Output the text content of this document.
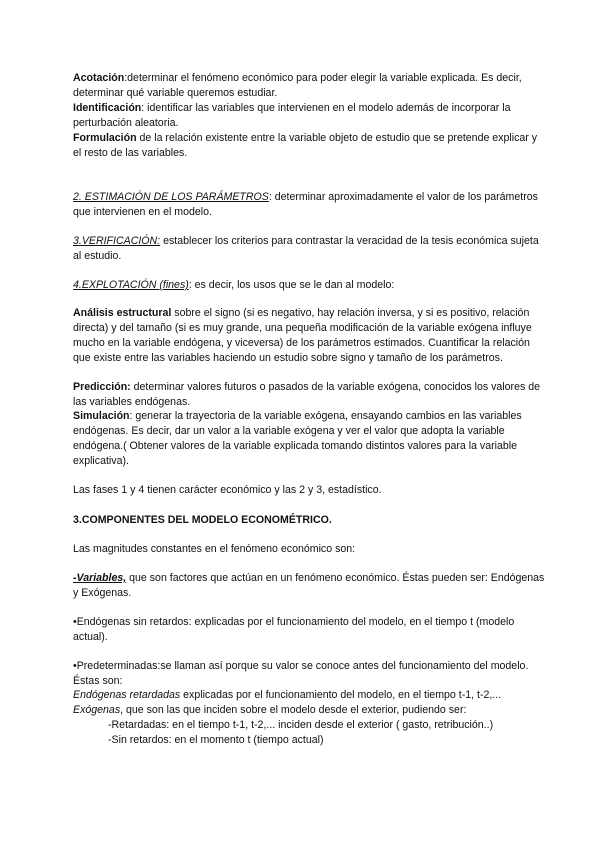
Acotación:determinar el fenómeno económico para poder elegir la variable explicada. Es decir, determinar qué variable queremos estudiar.

Identificación: identificar las variables que intervienen en el modelo además de incorporar la perturbación aleatoria.

Formulación de la relación existente entre la variable objeto de estudio que se pretende explicar y el resto de las variables.

2. ESTIMACIÓN DE LOS PARÁMETROS: determinar aproximadamente el valor de los parámetros que intervienen en el modelo.

3.VERIFICACIÓN: establecer los criterios para contrastar la veracidad de la tesis económica sujeta al estudio.

4.EXPLOTACIÓN (fines): es decir, los usos que se le dan al modelo:

Análisis estructural sobre el signo (si es negativo, hay relación inversa, y si es positivo, relación directa) y del tamaño (si es muy grande, una pequeña modificación de la variable exógena influye mucho en la variable endógena, y viceversa) de los parámetros estimados. Cuantificar la relación que existe entre las variables haciendo un estudio sobre signo y tamaño de los parámetros.

Predicción: determinar valores futuros o pasados de la variable exógena, conocidos los valores de las variables endógenas.

Simulación: generar la trayectoria de la variable exógena, ensayando cambios en las variables endógenas. Es decir, dar un valor a la variable exógena y ver el valor que adopta la variable endógena.( Obtener valores de la variable explicada tomando distintos valores para la variable explicativa).

Las fases 1 y 4 tienen carácter económico y las 2 y 3, estadístico.

3.COMPONENTES DEL MODELO ECONOMÉTRICO.

Las magnitudes constantes en el fenómeno económico son:

-Variables, que son factores que actúan en un fenómeno económico. Éstas pueden ser: Endógenas y Exógenas.

•Endógenas sin retardos: explicadas por el funcionamiento del modelo, en el tiempo t (modelo actual).

•Predeterminadas:se llaman así porque su valor se conoce antes del funcionamiento del modelo. Éstas son:

Endógenas retardadas explicadas por el funcionamiento del modelo, en el tiempo t-1, t-2,...

Exógenas, que son las que inciden sobre el modelo desde el exterior, pudiendo ser:

-Retardadas: en el tiempo t-1, t-2,... inciden desde el exterior ( gasto, retribución..)

-Sin retardos: en el momento t (tiempo actual)
